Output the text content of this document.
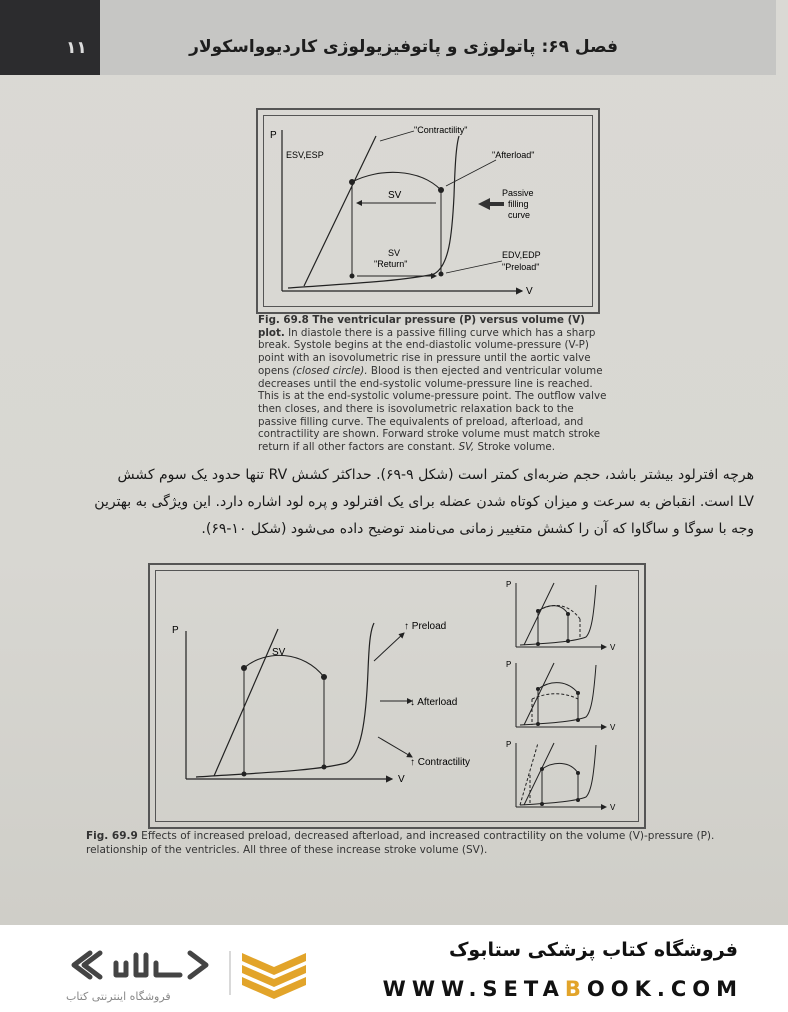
۱۱	فصل ۶۹: پاتولوژی و پاتوفیزیولوژی کاردیوواسکولار
P
V
"Contractility"
ESV,ESP
SV
SV
"Return"
"Afterload"
Passive
filling
curve
EDV,EDP
"Preload"
Fig. 69.8 The ventricular pressure (P) versus volume (V) plot. In diastole there is a passive filling curve which has a sharp break. Systole begins at the end-diastolic volume-pressure (V-P) point with an isovolumetric rise in pressure until the aortic valve opens (closed circle). Blood is then ejected and ventricular volume decreases until the end-systolic volume-pressure line is reached. This is at the end-systolic volume-pressure point. The outflow valve then closes, and there is isovolumetric relaxation back to the passive filling curve. The equivalents of preload, afterload, and contractility are shown. Forward stroke volume must match stroke return if all other factors are constant. SV, Stroke volume.
هرچه افترلود بیشتر باشد، حجم ضربه‌ای کمتر است (شکل ۹-۶۹). حداکثر کشش RV تنها حدود یک سوم کشش
LV است. انقباض به سرعت و میزان کوتاه شدن عضله برای یک افترلود و پره لود اشاره دارد. این ویژگی به بهترین
وجه با سوگا و ساگاوا که آن را کشش متغییر زمانی می‌نامند توضیح داده می‌شود (شکل ۱۰-۶۹).
P
V
SV
↑ Preload
↓ Afterload
↑ Contractility
P
V
P
V
P
V
Fig. 69.9 Effects of increased preload, decreased afterload, and increased contractility on the volume (V)-pressure (P). relationship of the ventricles. All three of these increase stroke volume (SV).
فروشگاه اینترنتی کتاب
فروشگاه کتاب پزشکی ستابوک
WWW.SETABOOK.COM
